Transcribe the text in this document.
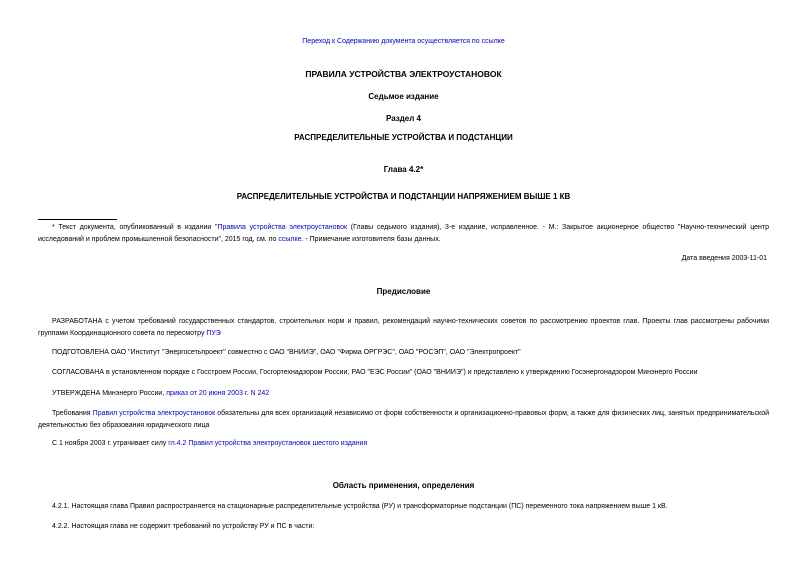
Переход к Содержанию документа осуществляется по ссылке
ПРАВИЛА УСТРОЙСТВА ЭЛЕКТРОУСТАНОВОК
Седьмое издание
Раздел 4
РАСПРЕДЕЛИТЕЛЬНЫЕ УСТРОЙСТВА И ПОДСТАНЦИИ
Глава 4.2*
РАСПРЕДЕЛИТЕЛЬНЫЕ УСТРОЙСТВА И ПОДСТАНЦИИ НАПРЯЖЕНИЕМ ВЫШЕ 1 КВ
* Текст документа, опубликованный в издании "Правила устройства электроустановок (Главы седьмого издания), 3-е издание, исправленное. - М.: Закрытое акционерное общество "Научно-технический центр исследований и проблем промышленной безопасности", 2015 год, см. по ссылке. - Примечание изготовителя базы данных.
Дата введения 2003-11-01
Предисловие
РАЗРАБОТАНА с учетом требований государственных стандартов, строительных норм и правил, рекомендаций научно-технических советов по рассмотрению проектов глав. Проекты глав рассмотрены рабочими группами Координационного совета по пересмотру ПУЭ
ПОДГОТОВЛЕНА ОАО "Институт "Энергосетьпроект" совместно с ОАО "ВНИИЭ", ОАО "Фирма ОРГРЭС", ОАО "РОСЭП", ОАО "Электропроект"
СОГЛАСОВАНА в установленном порядке с Госстроем России, Госгортехнадзором России, РАО "ЕЭС России" (ОАО "ВНИИЭ") и представлено к утверждению Госэнергонадзором Минэнерго России
УТВЕРЖДЕНА Минэнерго России, приказ от 20 июня 2003 г. N 242
Требования Правил устройства электроустановок обязательны для всех организаций независимо от форм собственности и организационно-правовых форм, а также для физических лиц, занятых предпринимательской деятельностью без образования юридического лица
С 1 ноября 2003 г. утрачивает силу гл.4.2 Правил устройства электроустановок шестого издания
Область применения, определения
4.2.1. Настоящая глава Правил распространяется на стационарные распределительные устройства (РУ) и трансформаторные подстанции (ПС) переменного тока напряжением выше 1 кВ.
4.2.2. Настоящая глава не содержит требований по устройству РУ и ПС в части:
